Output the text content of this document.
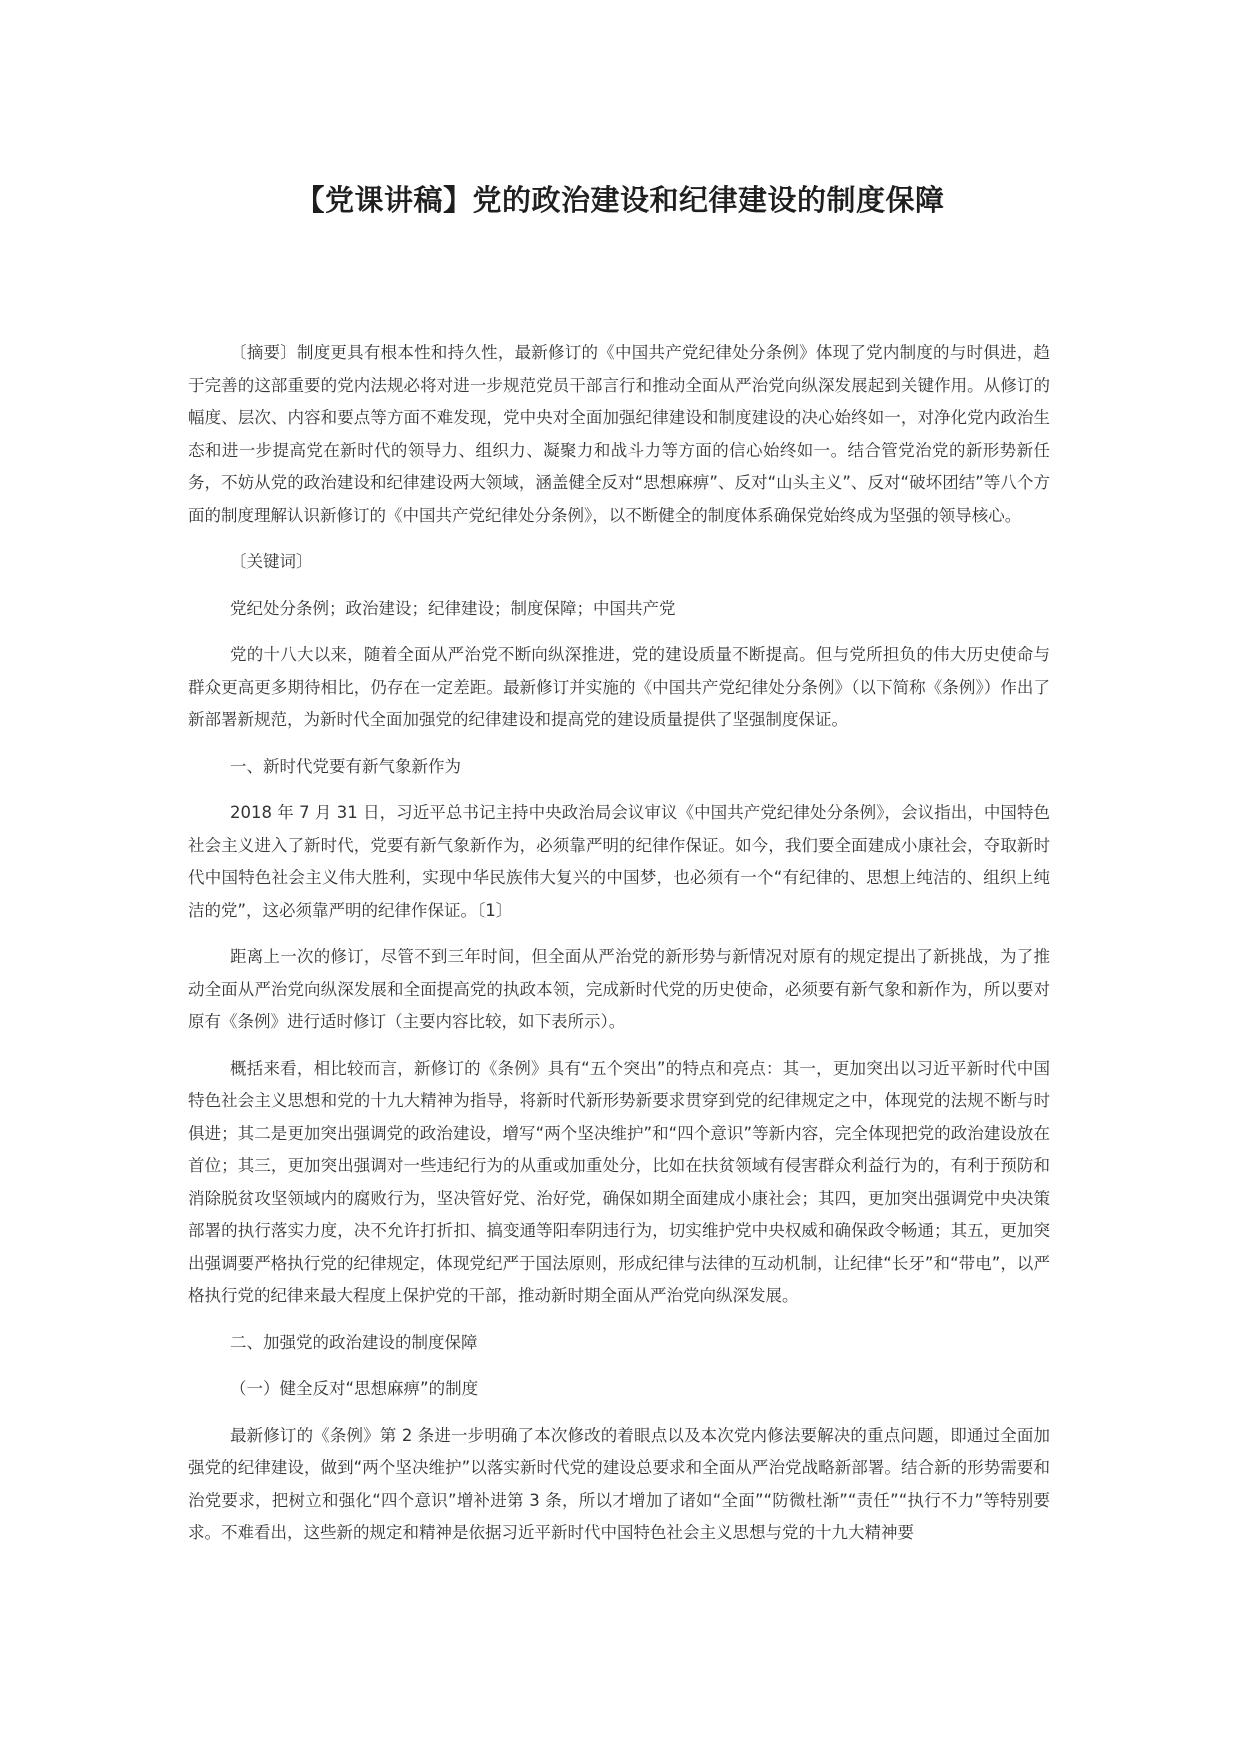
【党课讲稿】党的政治建设和纪律建设的制度保障

〔摘要〕制度更具有根本性和持久性，最新修订的《中国共产党纪律处分条例》体现了党内制度的与时俱进，趋于完善的这部重要的党内法规必将对进一步规范党员干部言行和推动全面从严治党向纵深发展起到关键作用。从修订的幅度、层次、内容和要点等方面不难发现，党中央对全面加强纪律建设和制度建设的决心始终如一，对净化党内政治生态和进一步提高党在新时代的领导力、组织力、凝聚力和战斗力等方面的信心始终如一。结合管党治党的新形势新任务，不妨从党的政治建设和纪律建设两大领域，涵盖健全反对“思想麻痹”、反对“山头主义”、反对“破坏团结”等八个方面的制度理解认识新修订的《中国共产党纪律处分条例》，以不断健全的制度体系确保党始终成为坚强的领导核心。

〔关键词〕

党纪处分条例；政治建设；纪律建设；制度保障；中国共产党

党的十八大以来，随着全面从严治党不断向纵深推进，党的建设质量不断提高。但与党所担负的伟大历史使命与群众更高更多期待相比，仍存在一定差距。最新修订并实施的《中国共产党纪律处分条例》（以下简称《条例》）作出了新部署新规范，为新时代全面加强党的纪律建设和提高党的建设质量提供了坚强制度保证。

一、新时代党要有新气象新作为

2018 年 7 月 31 日，习近平总书记主持中央政治局会议审议《中国共产党纪律处分条例》，会议指出，中国特色社会主义进入了新时代，党要有新气象新作为，必须靠严明的纪律作保证。如今，我们要全面建成小康社会，夺取新时代中国特色社会主义伟大胜利，实现中华民族伟大复兴的中国梦，也必须有一个“有纪律的、思想上纯洁的、组织上纯洁的党”，这必须靠严明的纪律作保证。〔1〕

距离上一次的修订，尽管不到三年时间，但全面从严治党的新形势与新情况对原有的规定提出了新挑战，为了推动全面从严治党向纵深发展和全面提高党的执政本领，完成新时代党的历史使命，必须要有新气象和新作为，所以要对原有《条例》进行适时修订（主要内容比较，如下表所示）。

概括来看，相比较而言，新修订的《条例》具有“五个突出”的特点和亮点：其一，更加突出以习近平新时代中国特色社会主义思想和党的十九大精神为指导，将新时代新形势新要求贯穿到党的纪律规定之中，体现党的法规不断与时俱进；其二是更加突出强调党的政治建设，增写“两个坚决维护”和“四个意识”等新内容，完全体现把党的政治建设放在首位；其三，更加突出强调对一些违纪行为的从重或加重处分，比如在扶贫领域有侵害群众利益行为的，有利于预防和消除脱贫攻坚领域内的腐败行为，坚决管好党、治好党，确保如期全面建成小康社会；其四，更加突出强调党中央决策部署的执行落实力度，决不允许打折扣、搞变通等阳奉阴违行为，切实维护党中央权威和确保政令畅通；其五，更加突出强调要严格执行党的纪律规定，体现党纪严于国法原则，形成纪律与法律的互动机制，让纪律“长牙”和“带电”，以严格执行党的纪律来最大程度上保护党的干部，推动新时期全面从严治党向纵深发展。

二、加强党的政治建设的制度保障

（一）健全反对“思想麻痹”的制度

最新修订的《条例》第 2 条进一步明确了本次修改的着眼点以及本次党内修法要解决的重点问题，即通过全面加强党的纪律建设，做到“两个坚决维护”以落实新时代党的建设总要求和全面从严治党战略新部署。结合新的形势需要和治党要求，把树立和强化“四个意识”增补进第 3 条，所以才增加了诸如“全面”“防微杜渐”“责任”“执行不力”等特别要求。不难看出，这些新的规定和精神是依据习近平新时代中国特色社会主义思想与党的十九大精神要
